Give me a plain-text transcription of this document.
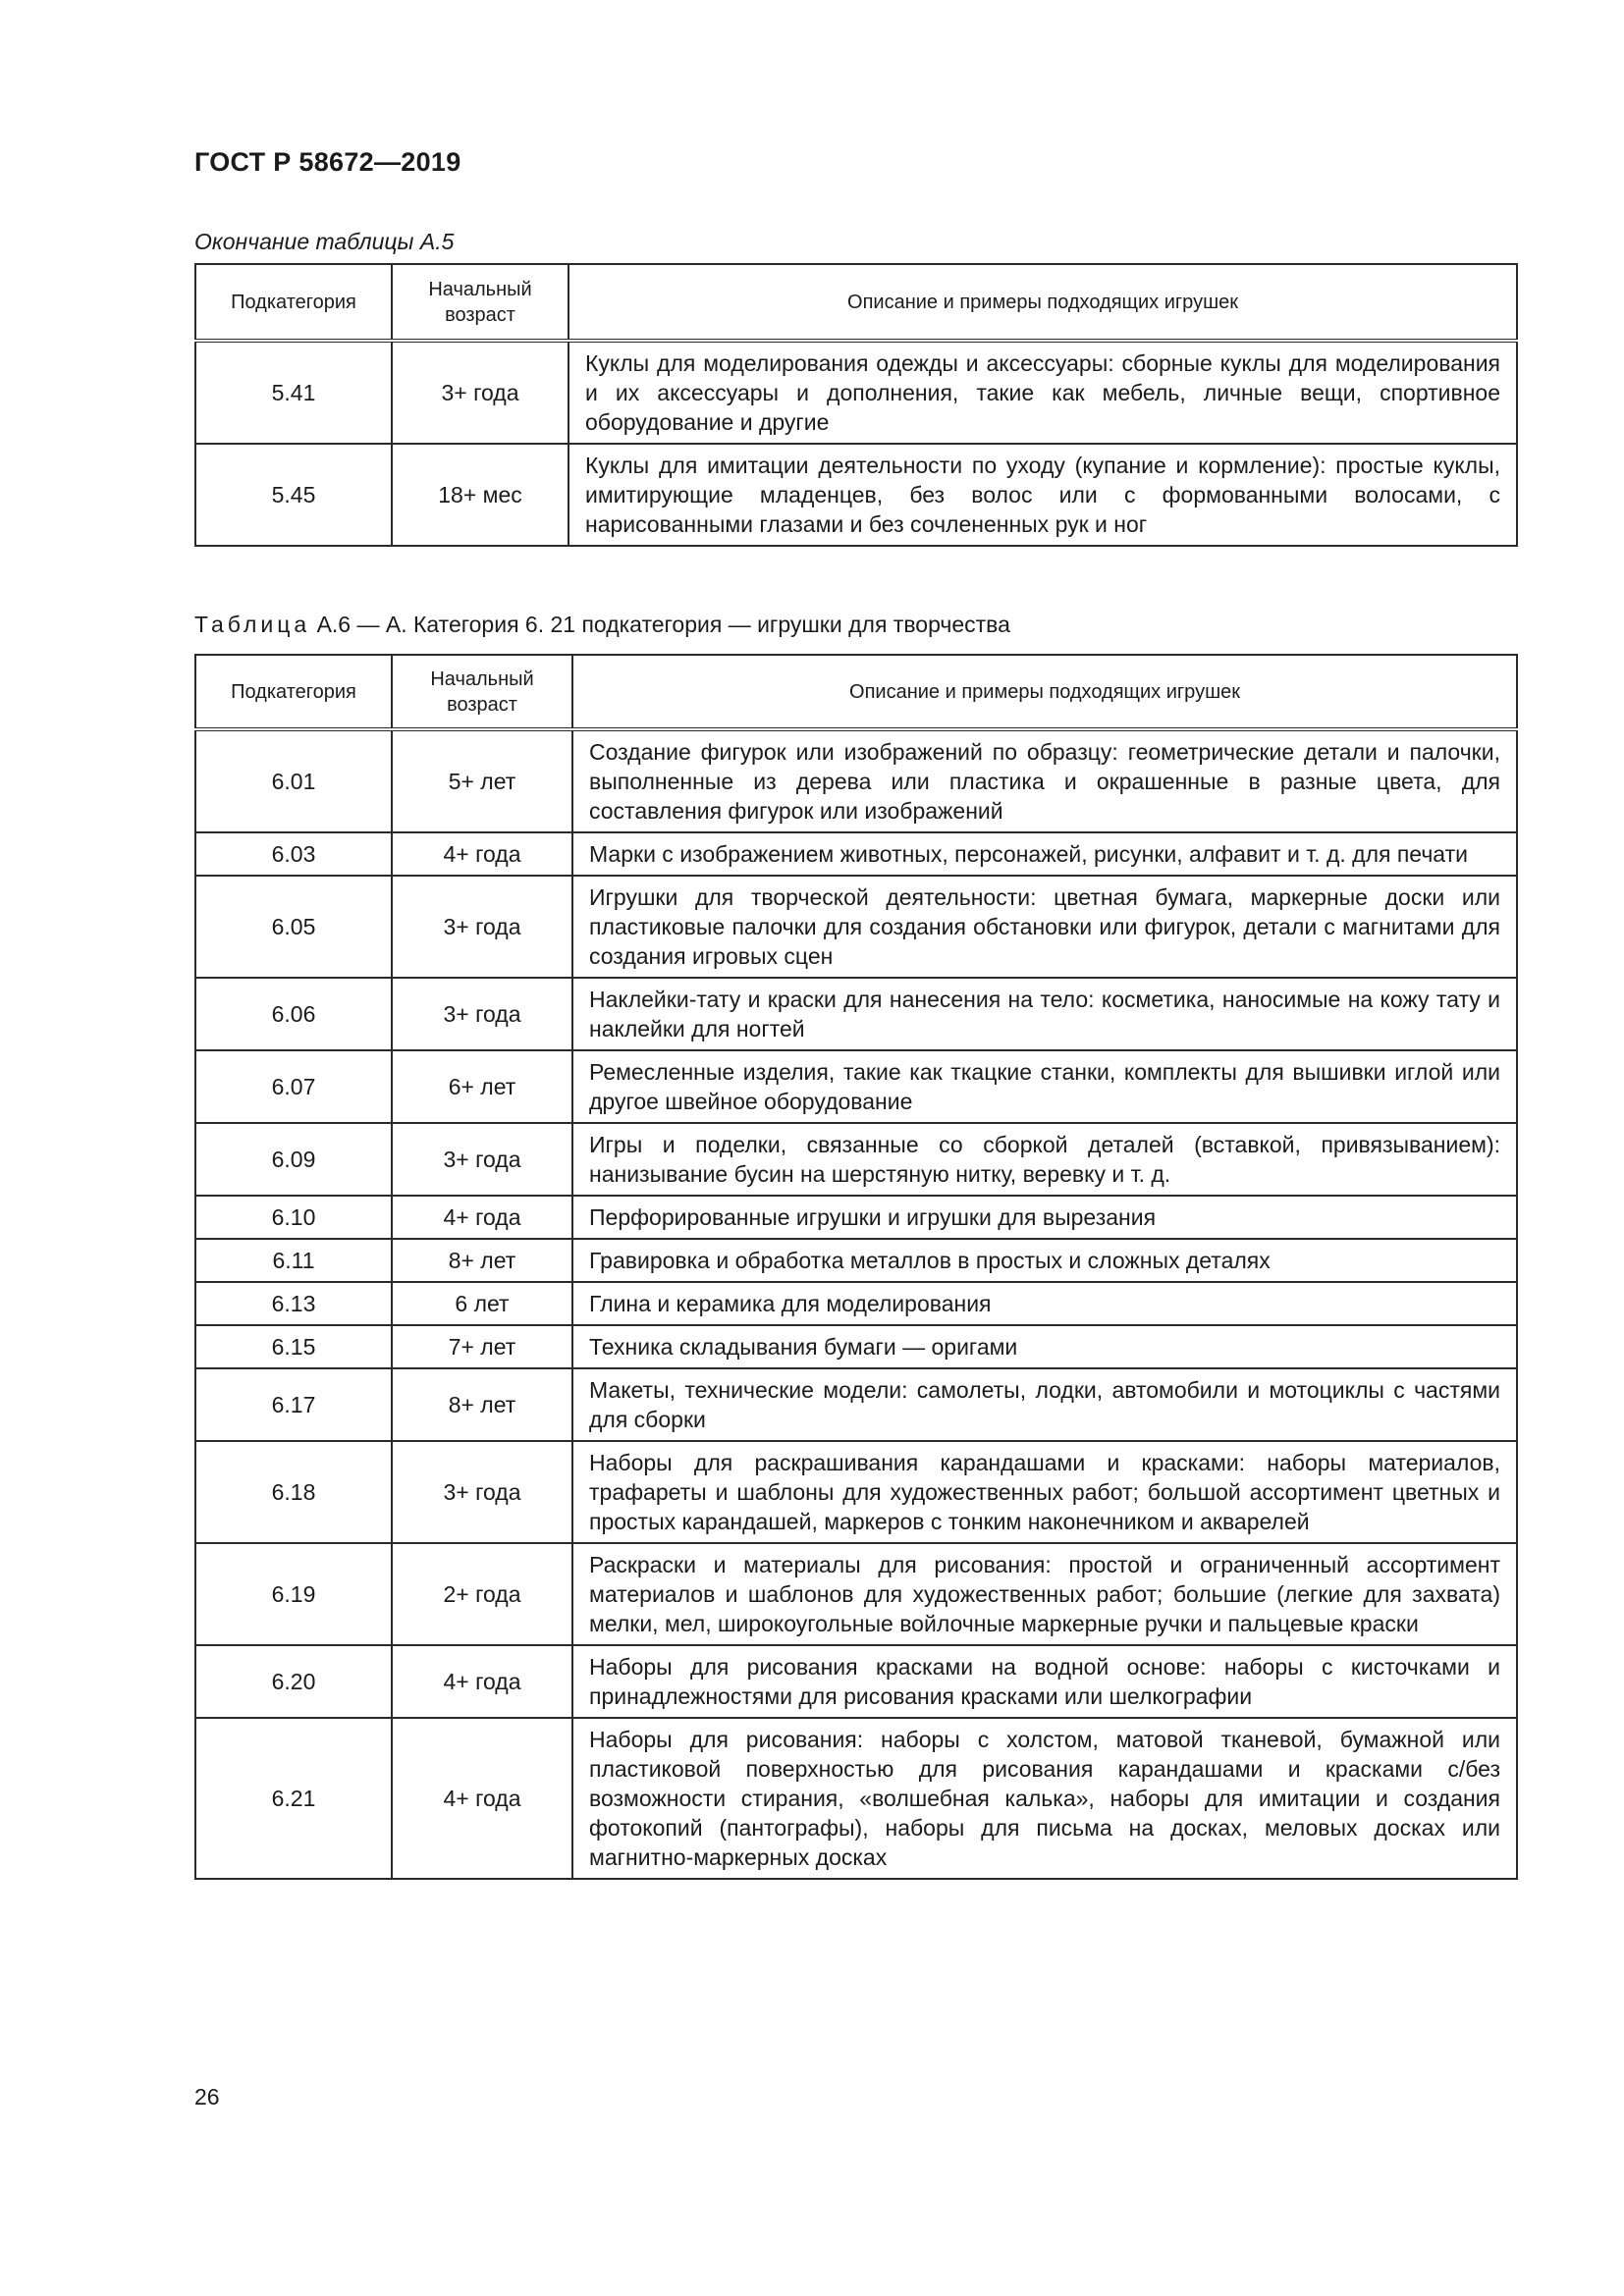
ГОСТ Р 58672—2019
Окончание таблицы А.5
Подкатегория	Начальный возраст	Описание и примеры подходящих игрушек
5.41	3+ года	Куклы для моделирования одежды и аксессуары: сборные куклы для моделирования и их аксессуары и дополнения, такие как мебель, личные вещи, спортивное оборудование и другие
5.45	18+ мес	Куклы для имитации деятельности по уходу (купание и кормление): простые куклы, имитирующие младенцев, без волос или с формованными волосами, с нарисованными глазами и без сочлененных рук и ног
Таблица А.6 — А. Категория 6. 21 подкатегория — игрушки для творчества
Подкатегория	Начальный возраст	Описание и примеры подходящих игрушек
6.01	5+ лет	Создание фигурок или изображений по образцу: геометрические детали и палочки, выполненные из дерева или пластика и окрашенные в разные цвета, для составления фигурок или изображений
6.03	4+ года	Марки с изображением животных, персонажей, рисунки, алфавит и т. д. для печати
6.05	3+ года	Игрушки для творческой деятельности: цветная бумага, маркерные доски или пластиковые палочки для создания обстановки или фигурок, детали с магнитами для создания игровых сцен
6.06	3+ года	Наклейки-тату и краски для нанесения на тело: косметика, наносимые на кожу тату и наклейки для ногтей
6.07	6+ лет	Ремесленные изделия, такие как ткацкие станки, комплекты для вышивки иглой или другое швейное оборудование
6.09	3+ года	Игры и поделки, связанные со сборкой деталей (вставкой, привязыванием): нанизывание бусин на шерстяную нитку, веревку и т. д.
6.10	4+ года	Перфорированные игрушки и игрушки для вырезания
6.11	8+ лет	Гравировка и обработка металлов в простых и сложных деталях
6.13	6 лет	Глина и керамика для моделирования
6.15	7+ лет	Техника складывания бумаги — оригами
6.17	8+ лет	Макеты, технические модели: самолеты, лодки, автомобили и мотоциклы с частями для сборки
6.18	3+ года	Наборы для раскрашивания карандашами и красками: наборы материалов, трафареты и шаблоны для художественных работ; большой ассортимент цветных и простых карандашей, маркеров с тонким наконечником и акварелей
6.19	2+ года	Раскраски и материалы для рисования: простой и ограниченный ассортимент материалов и шаблонов для художественных работ; большие (легкие для захвата) мелки, мел, широкоугольные войлочные маркерные ручки и пальцевые краски
6.20	4+ года	Наборы для рисования красками на водной основе: наборы с кисточками и принадлежностями для рисования красками или шелкографии
6.21	4+ года	Наборы для рисования: наборы с холстом, матовой тканевой, бумажной или пластиковой поверхностью для рисования карандашами и красками с/без возможности стирания, «волшебная калька», наборы для имитации и создания фотокопий (пантографы), наборы для письма на досках, меловых досках или магнитно-маркерных досках
26
